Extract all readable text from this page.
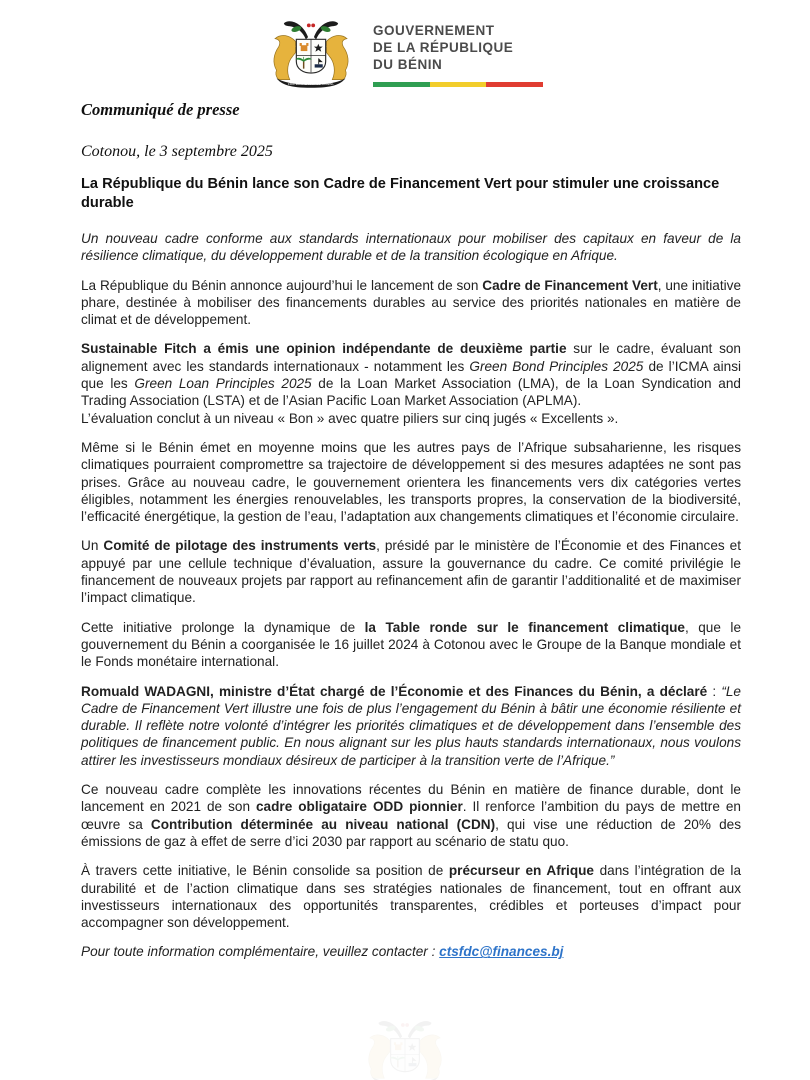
GOUVERNEMENT
DE LA RÉPUBLIQUE
DU BÉNIN

Communiqué de presse

Cotonou, le 3 septembre 2025

La République du Bénin lance son Cadre de Financement Vert pour stimuler une croissance durable

Un nouveau cadre conforme aux standards internationaux pour mobiliser des capitaux en faveur de la résilience climatique, du développement durable et de la transition écologique en Afrique.

La République du Bénin annonce aujourd’hui le lancement de son Cadre de Financement Vert, une initiative phare, destinée à mobiliser des financements durables au service des priorités nationales en matière de climat et de développement.

Sustainable Fitch a émis une opinion indépendante de deuxième partie sur le cadre, évaluant son alignement avec les standards internationaux - notamment les Green Bond Principles 2025 de l’ICMA ainsi que les Green Loan Principles 2025 de la Loan Market Association (LMA), de la Loan Syndication and Trading Association (LSTA) et de l’Asian Pacific Loan Market Association (APLMA).
L’évaluation conclut à un niveau « Bon » avec quatre piliers sur cinq jugés « Excellents ».

Même si le Bénin émet en moyenne moins que les autres pays de l’Afrique subsaharienne, les risques climatiques pourraient compromettre sa trajectoire de développement si des mesures adaptées ne sont pas prises. Grâce au nouveau cadre, le gouvernement orientera les financements vers dix catégories vertes éligibles, notamment les énergies renouvelables, les transports propres, la conservation de la biodiversité, l’efficacité énergétique, la gestion de l’eau, l’adaptation aux changements climatiques et l’économie circulaire.

Un Comité de pilotage des instruments verts, présidé par le ministère de l’Économie et des Finances et appuyé par une cellule technique d’évaluation, assure la gouvernance du cadre. Ce comité privilégie le financement de nouveaux projets par rapport au refinancement afin de garantir l’additionalité et de maximiser l’impact climatique.

Cette initiative prolonge la dynamique de la Table ronde sur le financement climatique, que le gouvernement du Bénin a coorganisée le 16 juillet 2024 à Cotonou avec le Groupe de la Banque mondiale et le Fonds monétaire international.

Romuald WADAGNI, ministre d’État chargé de l’Économie et des Finances du Bénin, a déclaré : “Le Cadre de Financement Vert illustre une fois de plus l’engagement du Bénin à bâtir une économie résiliente et durable. Il reflète notre volonté d’intégrer les priorités climatiques et de développement dans l’ensemble des politiques de financement public. En nous alignant sur les plus hauts standards internationaux, nous voulons attirer les investisseurs mondiaux désireux de participer à la transition verte de l’Afrique.”

Ce nouveau cadre complète les innovations récentes du Bénin en matière de finance durable, dont le lancement en 2021 de son cadre obligataire ODD pionnier. Il renforce l’ambition du pays de mettre en œuvre sa Contribution déterminée au niveau national (CDN), qui vise une réduction de 20% des émissions de gaz à effet de serre d’ici 2030 par rapport au scénario de statu quo.

À travers cette initiative, le Bénin consolide sa position de précurseur en Afrique dans l’intégration de la durabilité et de l’action climatique dans ses stratégies nationales de financement, tout en offrant aux investisseurs internationaux des opportunités transparentes, crédibles et porteuses d’impact pour accompagner son développement.

Pour toute information complémentaire, veuillez contacter : ctsfdc@finances.bj
